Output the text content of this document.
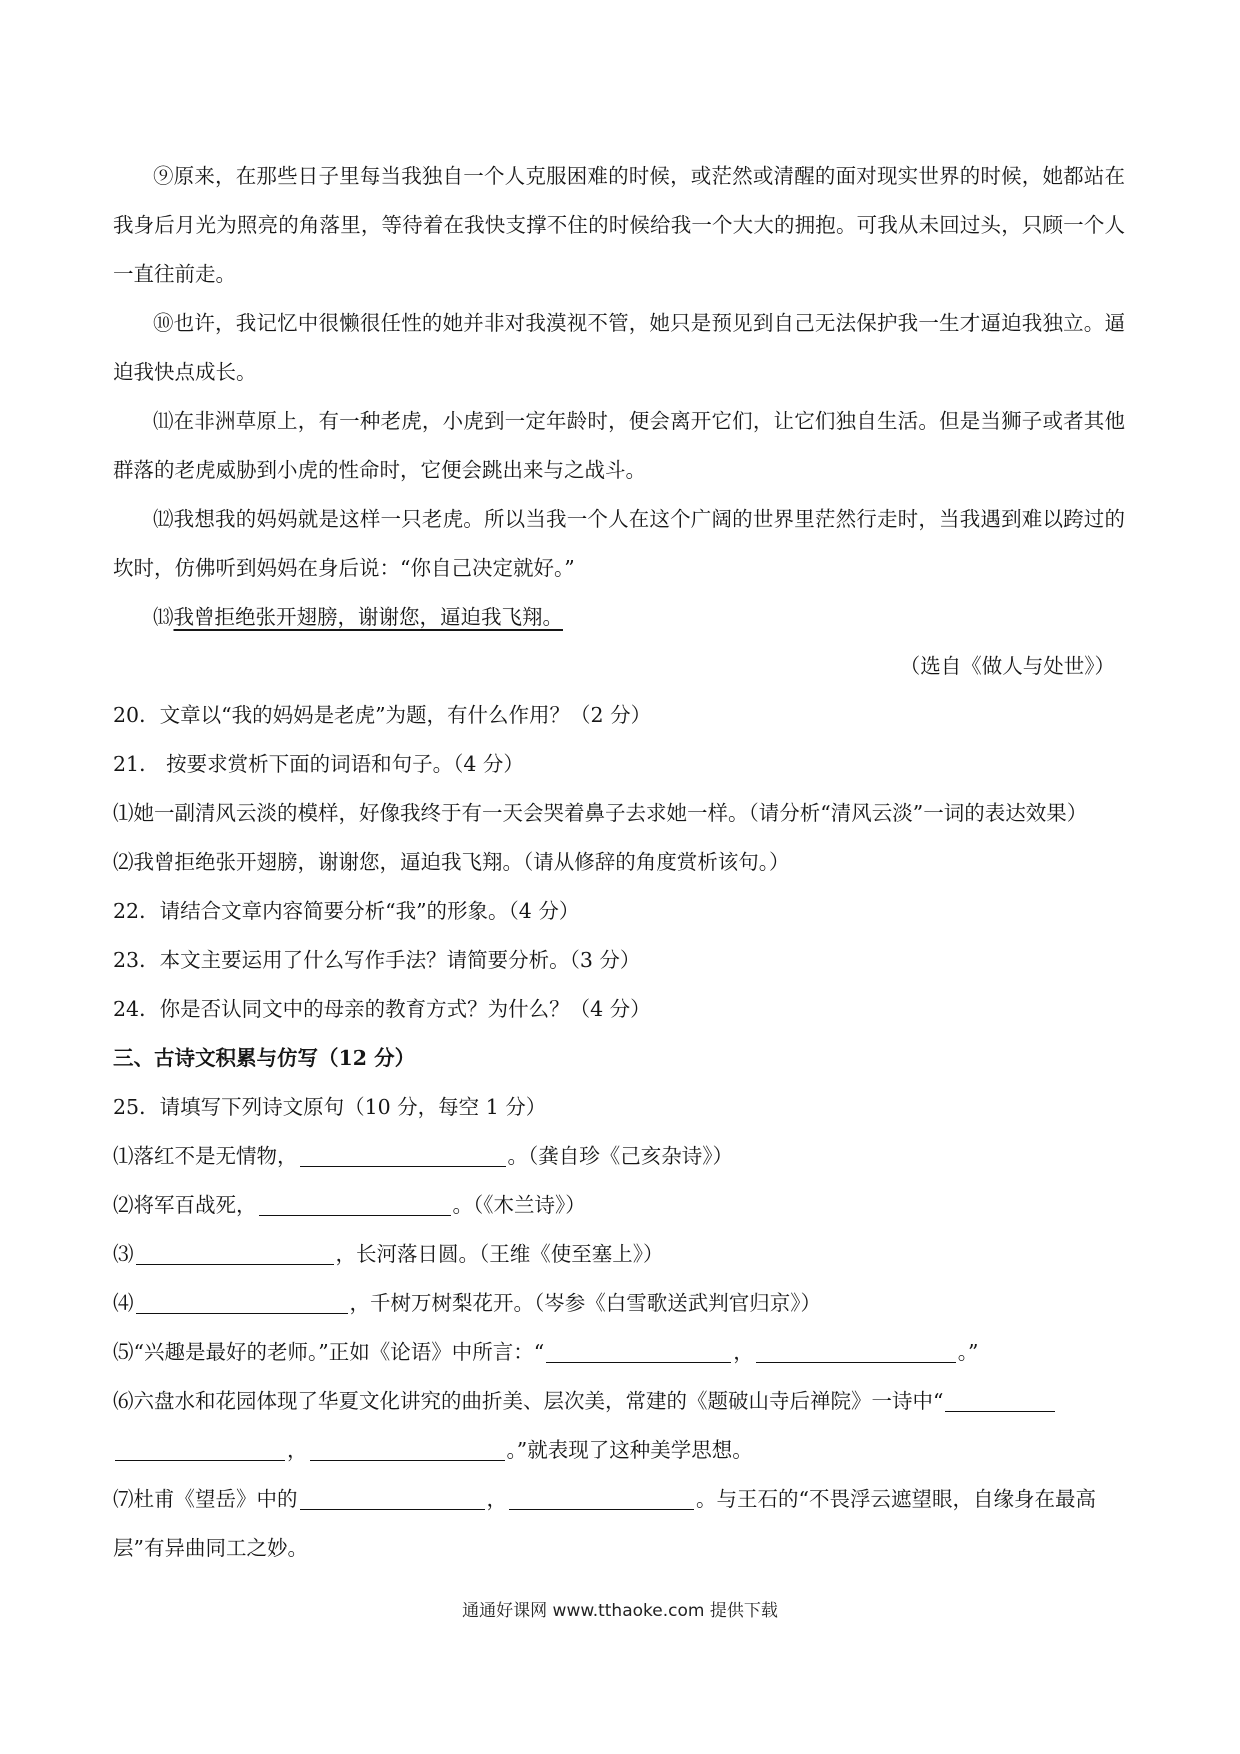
⑨原来，在那些日子里每当我独自一个人克服困难的时候，或茫然或清醒的面对现实世界的时候，她都站在我身后月光为照亮的角落里，等待着在我快支撑不住的时候给我一个大大的拥抱。可我从未回过头，只顾一个人一直往前走。

⑩也许，我记忆中很懒很任性的她并非对我漠视不管，她只是预见到自己无法保护我一生才逼迫我独立。逼迫我快点成长。

⑾在非洲草原上，有一种老虎，小虎到一定年龄时，便会离开它们，让它们独自生活。但是当狮子或者其他群落的老虎威胁到小虎的性命时，它便会跳出来与之战斗。

⑿我想我的妈妈就是这样一只老虎。所以当我一个人在这个广阔的世界里茫然行走时，当我遇到难以跨过的坎时，仿佛听到妈妈在身后说：“你自己决定就好。”

⒀我曾拒绝张开翅膀，谢谢您，逼迫我飞翔。

（选自《做人与处世》）

20．文章以“我的妈妈是老虎”为题，有什么作用？（2 分）

21． 按要求赏析下面的词语和句子。（4 分）

⑴她一副清风云淡的模样，好像我终于有一天会哭着鼻子去求她一样。（请分析“清风云淡”一词的表达效果）

⑵我曾拒绝张开翅膀，谢谢您，逼迫我飞翔。（请从修辞的角度赏析该句。）

22．请结合文章内容简要分析“我”的形象。（4 分）

23．本文主要运用了什么写作手法？请简要分析。（3 分）

24．你是否认同文中的母亲的教育方式？为什么？（4 分）

三、古诗文积累与仿写（12 分）

25．请填写下列诗文原句（10 分，每空 1 分）

⑴落红不是无情物，	。（龚自珍《己亥杂诗》）

⑵将军百战死，	。（《木兰诗》）

⑶	，长河落日圆。（王维《使至塞上》）

⑷	，千树万树梨花开。（岑参《白雪歌送武判官归京》）

⑸“兴趣是最好的老师。”正如《论语》中所言：“	，	。”

⑹六盘水和花园体现了华夏文化讲究的曲折美、层次美，常建的《题破山寺后禅院》一诗中“
，	。”就表现了这种美学思想。

⑺杜甫《望岳》中的	，	。与王石的“不畏浮云遮望眼，自缘身在最高层”有异曲同工之妙。

通通好课网 www.tthaoke.com 提供下载
